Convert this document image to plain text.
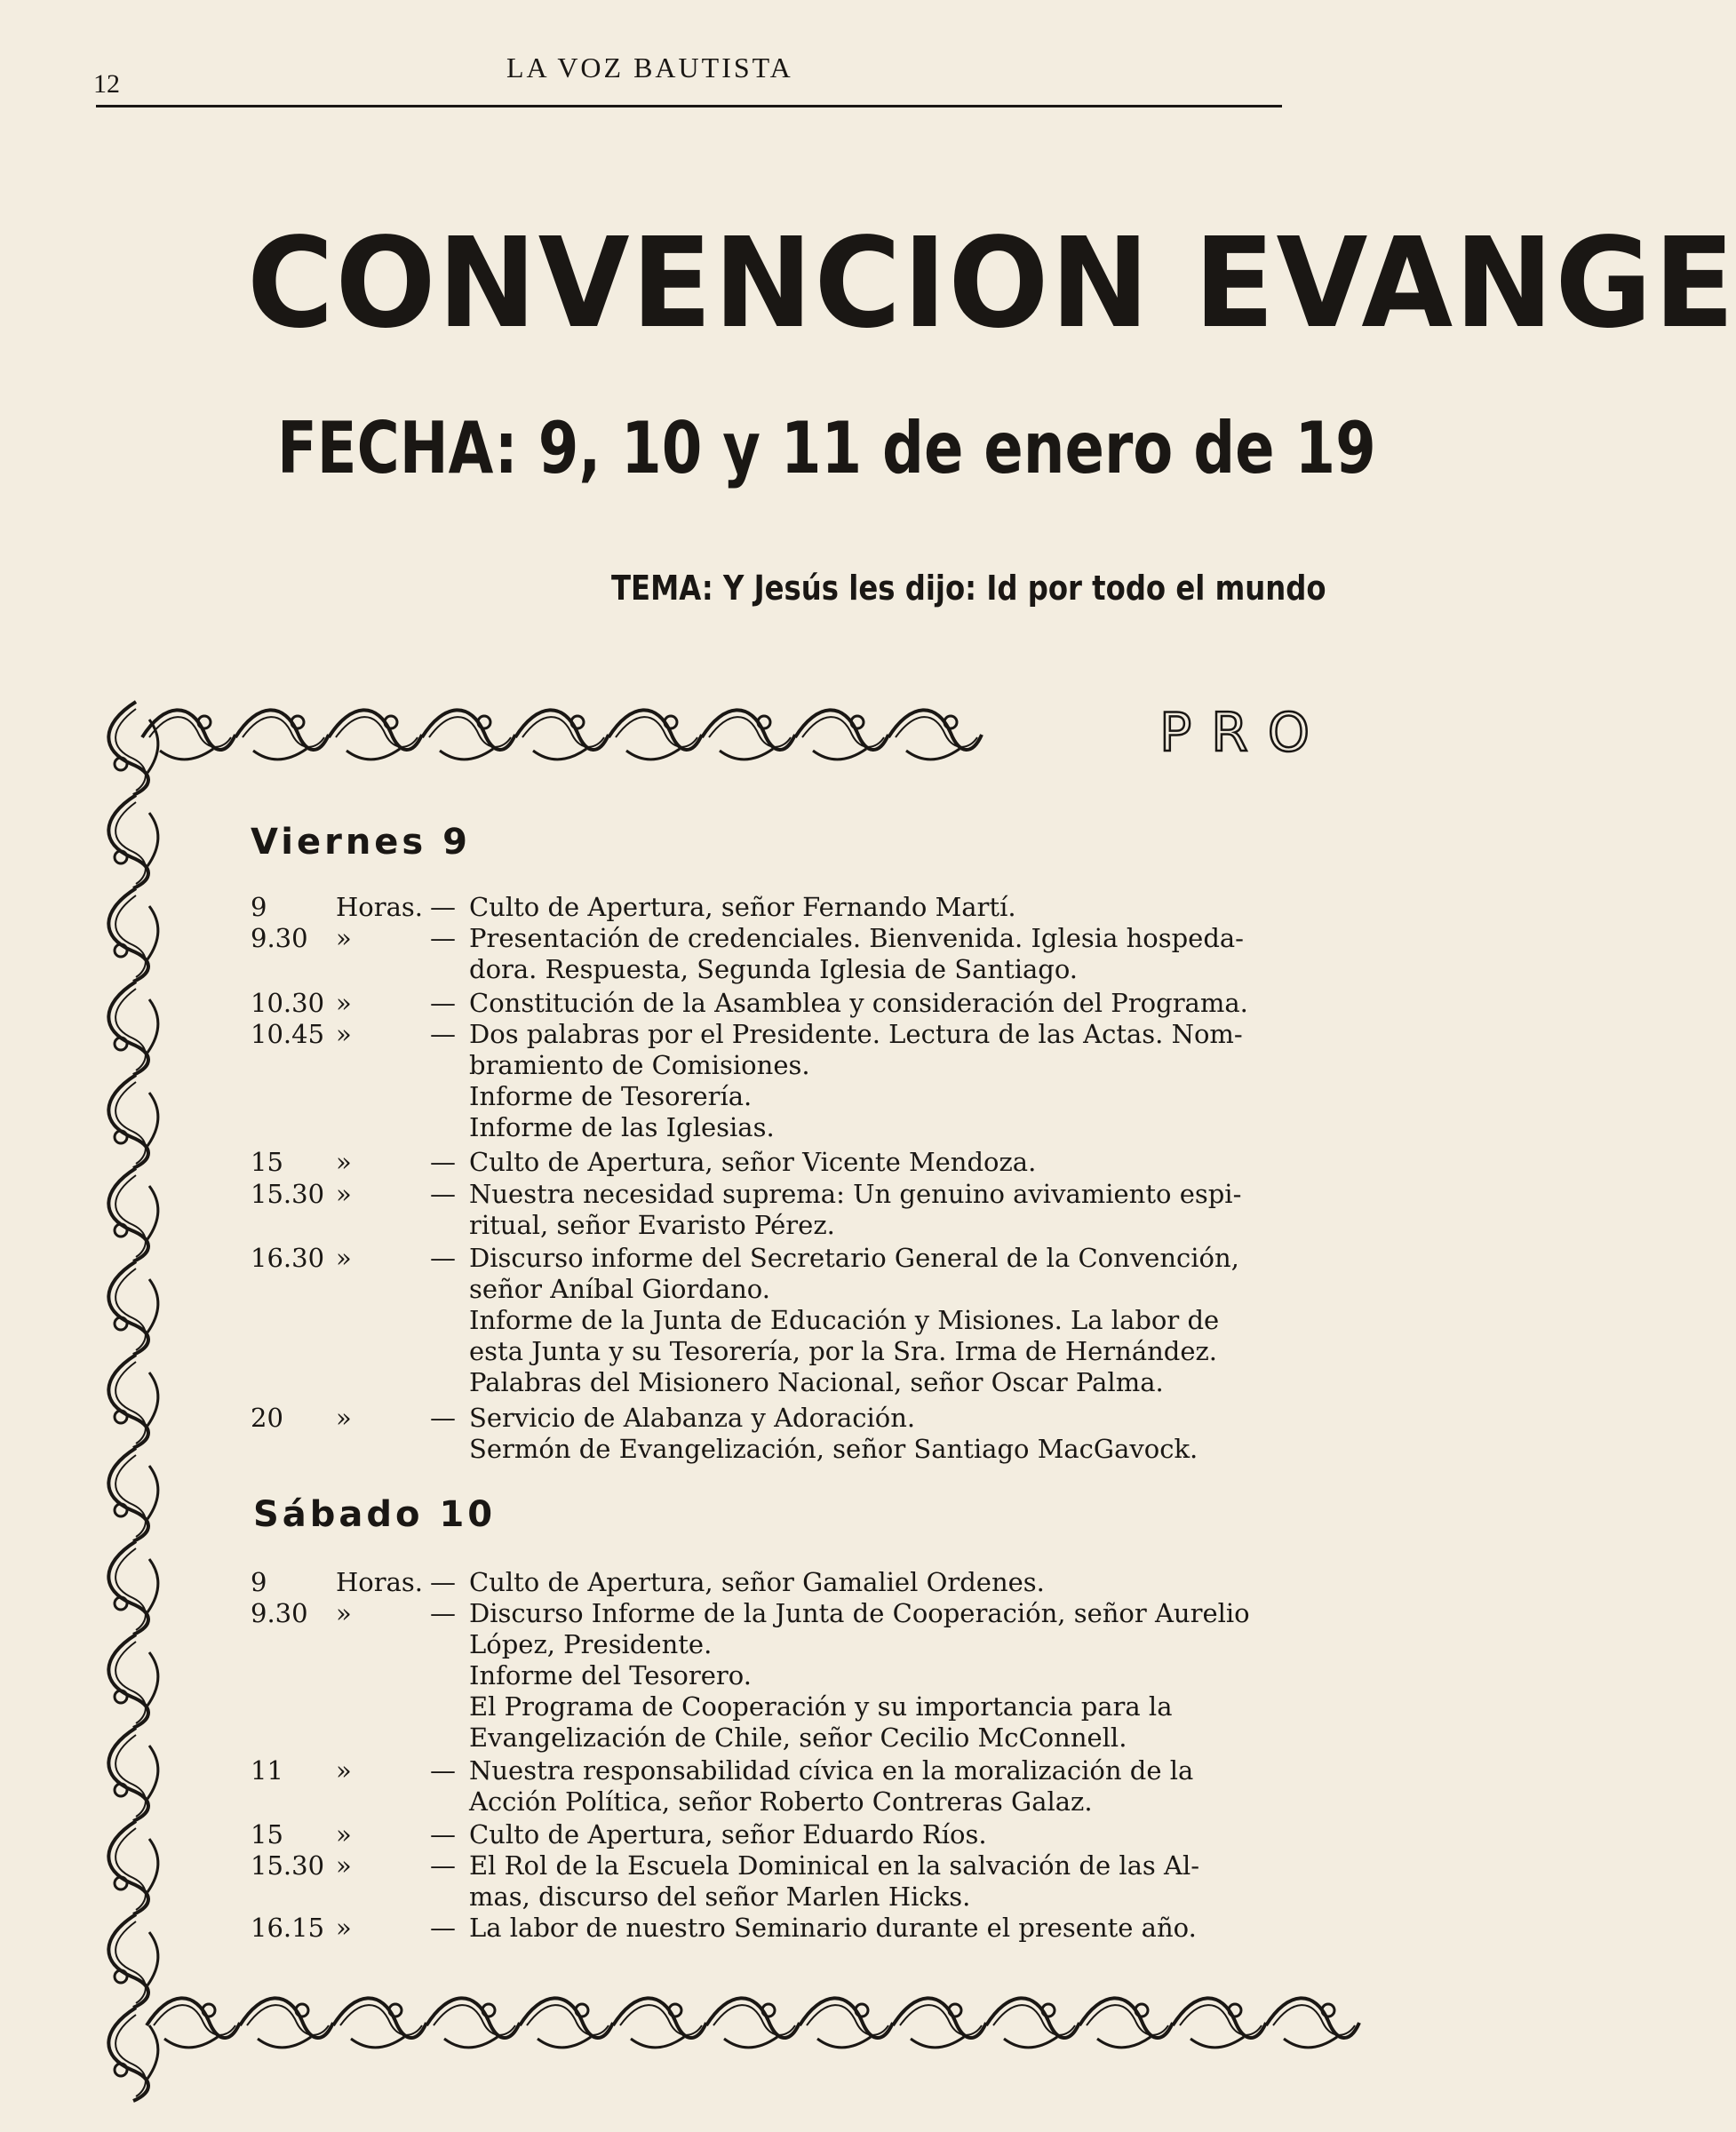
12
LA VOZ BAUTISTA
CONVENCION EVANGE
FECHA: 9, 10 y 11 de enero de 19
TEMA: Y Jesús les dijo: Id por todo el mundo
PRO
Viernes 9
9	Horas. — Culto de Apertura, señor Fernando Martí.
9.30 »	— Presentación de credenciales. Bienvenida. Iglesia hospeda-
dora. Respuesta, Segunda Iglesia de Santiago.
10.30 »	— Constitución de la Asamblea y consideración del Programa.
10.45 »	— Dos palabras por el Presidente. Lectura de las Actas. Nom-
bramiento de Comisiones.
Informe de Tesorería.
Informe de las Iglesias.
15 »	— Culto de Apertura, señor Vicente Mendoza.
15.30 »	— Nuestra necesidad suprema: Un genuino avivamiento espi-
ritual, señor Evaristo Pérez.
16.30 »	— Discurso informe del Secretario General de la Convención,
señor Aníbal Giordano.
Informe de la Junta de Educación y Misiones. La labor de
esta Junta y su Tesorería, por la Sra. Irma de Hernández.
Palabras del Misionero Nacional, señor Oscar Palma.
20 »	— Servicio de Alabanza y Adoración.
Sermón de Evangelización, señor Santiago MacGavock.
Sábado 10
9	Horas. — Culto de Apertura, señor Gamaliel Ordenes.
9.30 »	— Discurso Informe de la Junta de Cooperación, señor Aurelio
López, Presidente.
Informe del Tesorero.
El Programa de Cooperación y su importancia para la
Evangelización de Chile, señor Cecilio McConnell.
11 »	— Nuestra responsabilidad cívica en la moralización de la
Acción Política, señor Roberto Contreras Galaz.
15 »	— Culto de Apertura, señor Eduardo Ríos.
15.30 »	— El Rol de la Escuela Dominical en la salvación de las Al-
mas, discurso del señor Marlen Hicks.
16.15 »	— La labor de nuestro Seminario durante el presente año.
